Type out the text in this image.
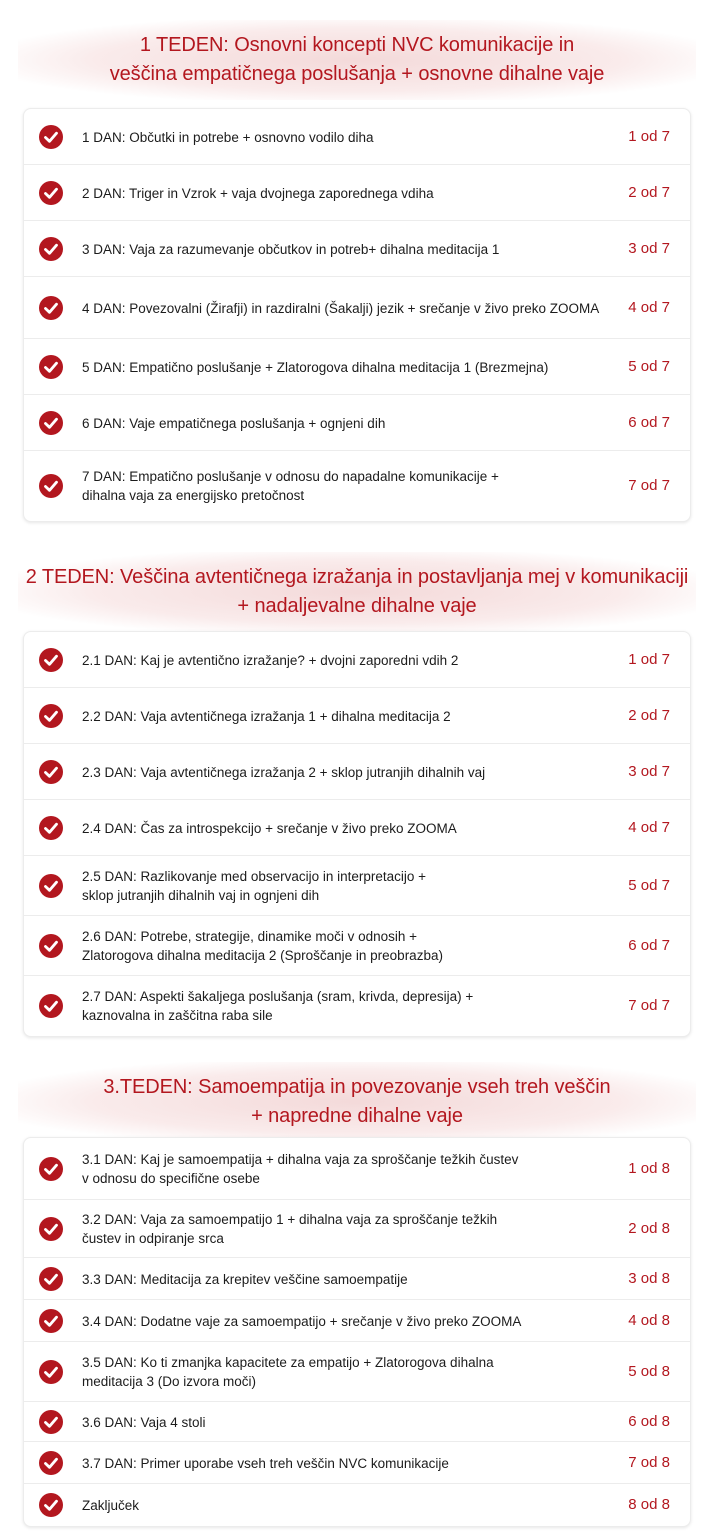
1 TEDEN: Osnovni koncepti NVC komunikacije in
veščina empatičnega poslušanja + osnovne dihalne vaje
1 DAN: Občutki in potrebe + osnovno vodilo diha	1 od 7
2 DAN: Triger in Vzrok + vaja dvojnega zaporednega vdiha	2 od 7
3 DAN: Vaja za razumevanje občutkov in potreb+ dihalna meditacija 1	3 od 7
4 DAN: Povezovalni (Žirafji) in razdiralni (Šakalji) jezik + srečanje v živo preko ZOOMA 4 od 7
5 DAN: Empatično poslušanje + Zlatorogova dihalna meditacija 1 (Brezmejna)	5 od 7
6 DAN: Vaje empatičnega poslušanja + ognjeni dih	6 od 7
7 DAN: Empatično poslušanje v odnosu do napadalne komunikacije +
dihalna vaja za energijsko pretočnost
7 od 7
2 TEDEN: Veščina avtentičnega izražanja in postavljanja mej v komunikaciji
+ nadaljevalne dihalne vaje
2.1 DAN: Kaj je avtentično izražanje? + dvojni zaporedni vdih 2	1 od 7
2.2 DAN: Vaja avtentičnega izražanja 1 + dihalna meditacija 2	2 od 7
2.3 DAN: Vaja avtentičnega izražanja 2 + sklop jutranjih dihalnih vaj	3 od 7
2.4 DAN: Čas za introspekcijo + srečanje v živo preko ZOOMA	4 od 7
2.5 DAN: Razlikovanje med observacijo in interpretacijo +
sklop jutranjih dihalnih vaj in ognjeni dih
5 od 7
2.6 DAN: Potrebe, strategije, dinamike moči v odnosih +
Zlatorogova dihalna meditacija 2 (Sproščanje in preobrazba)
6 od 7
2.7 DAN: Aspekti šakaljega poslušanja (sram, krivda, depresija) +
kaznovalna in zaščitna raba sile
7 od 7
3.TEDEN: Samoempatija in povezovanje vseh treh veščin
+ napredne dihalne vaje
3.1 DAN: Kaj je samoempatija + dihalna vaja za sproščanje težkih čustev
v odnosu do specifične osebe
1 od 8
3.2 DAN: Vaja za samoempatijo 1 + dihalna vaja za sproščanje težkih
čustev in odpiranje srca
2 od 8
3.3 DAN: Meditacija za krepitev veščine samoempatije	3 od 8
3.4 DAN: Dodatne vaje za samoempatijo + srečanje v živo preko ZOOMA	4 od 8
3.5 DAN: Ko ti zmanjka kapacitete za empatijo + Zlatorogova dihalna
meditacija 3 (Do izvora moči)
5 od 8
3.6 DAN: Vaja 4 stoli	6 od 8
3.7 DAN: Primer uporabe vseh treh veščin NVC komunikacije	7 od 8
Zaključek	8 od 8
